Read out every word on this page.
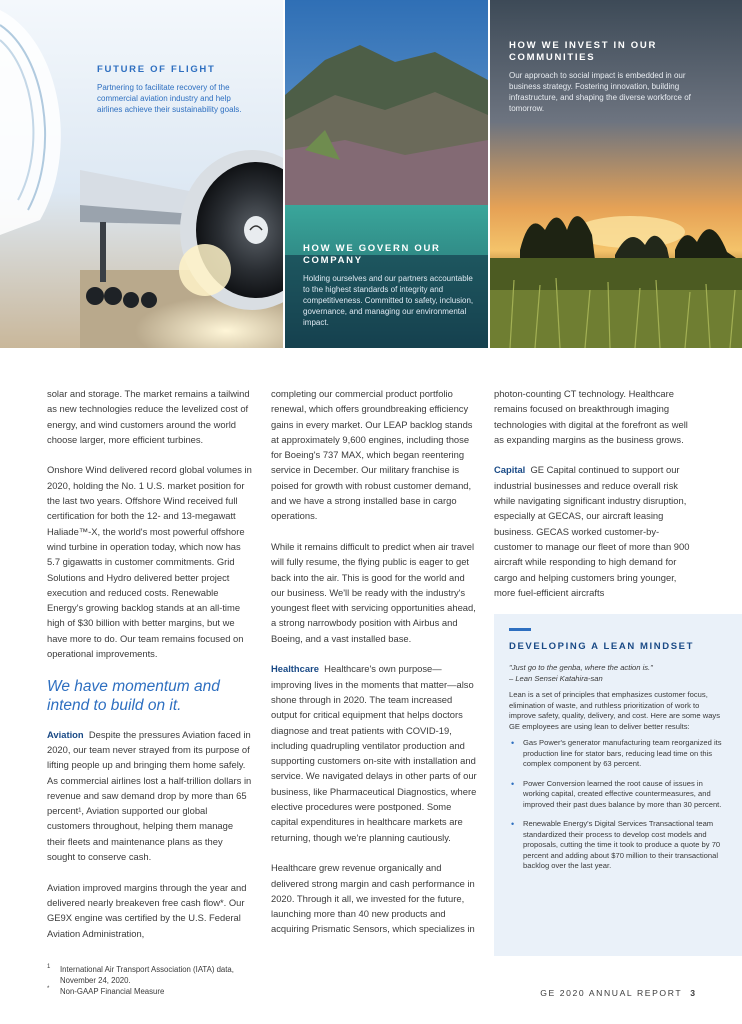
FUTURE OF FLIGHT
Partnering to facilitate recovery of the commercial aviation industry and help airlines achieve their sustainability goals.
HOW WE GOVERN OUR COMPANY
Holding ourselves and our partners accountable to the highest standards of integrity and competitiveness. Committed to safety, inclusion, governance, and managing our environmental impact.
HOW WE INVEST IN OUR COMMUNITIES
Our approach to social impact is embedded in our business strategy. Fostering innovation, building infrastructure, and shaping the diverse workforce of tomorrow.

solar and storage. The market remains a tailwind as new technologies reduce the levelized cost of energy, and wind customers around the world choose larger, more efficient turbines.

Onshore Wind delivered record global volumes in 2020, holding the No. 1 U.S. market position for the last two years. Offshore Wind received full certification for both the 12- and 13-megawatt Haliade™-X, the world's most powerful offshore wind turbine in operation today, which now has 5.7 gigawatts in customer commitments. Grid Solutions and Hydro delivered better project execution and reduced costs. Renewable Energy's growing backlog stands at an all-time high of $30 billion with better margins, but we have more to do. Our team remains focused on operational improvements.

We have momentum and intend to build on it.

Aviation Despite the pressures Aviation faced in 2020, our team never strayed from its purpose of lifting people up and bringing them home safely. As commercial airlines lost a half-trillion dollars in revenue and saw demand drop by more than 65 percent¹, Aviation supported our global customers throughout, helping them manage their fleets and maintenance plans as they sought to conserve cash.

Aviation improved margins through the year and delivered nearly breakeven free cash flow*. Our GE9X engine was certified by the U.S. Federal Aviation Administration,

completing our commercial product portfolio renewal, which offers groundbreaking efficiency gains in every market. Our LEAP backlog stands at approximately 9,600 engines, including those for Boeing's 737 MAX, which began reentering service in December. Our military franchise is poised for growth with robust customer demand, and we have a strong installed base in cargo operations.

While it remains difficult to predict when air travel will fully resume, the flying public is eager to get back into the air. This is good for the world and our business. We'll be ready with the industry's youngest fleet with servicing opportunities ahead, a strong narrowbody position with Airbus and Boeing, and a vast installed base.

Healthcare Healthcare's own purpose—improving lives in the moments that matter—also shone through in 2020. The team increased output for critical equipment that helps doctors diagnose and treat patients with COVID-19, including quadrupling ventilator production and supporting customers on-site with installation and service. We navigated delays in other parts of our business, like Pharmaceutical Diagnostics, where elective procedures were postponed. Some capital expenditures in healthcare markets are returning, though we're planning cautiously.

Healthcare grew revenue organically and delivered strong margin and cash performance in 2020. Through it all, we invested for the future, launching more than 40 new products and acquiring Prismatic Sensors, which specializes in

photon-counting CT technology. Healthcare remains focused on breakthrough imaging technologies with digital at the forefront as well as expanding margins as the business grows.

Capital GE Capital continued to support our industrial businesses and reduce overall risk while navigating significant industry disruption, especially at GECAS, our aircraft leasing business. GECAS worked customer-by-customer to manage our fleet of more than 900 aircraft while responding to high demand for cargo and helping customers bring younger, more fuel-efficient aircrafts

DEVELOPING A LEAN MINDSET
"Just go to the genba, where the action is."
– Lean Sensei Katahira-san
Lean is a set of principles that emphasizes customer focus, elimination of waste, and ruthless prioritization of work to improve safety, quality, delivery, and cost. Here are some ways GE employees are using lean to deliver better results:
• Gas Power's generator manufacturing team reorganized its production line for stator bars, reducing lead time on this complex component by 63 percent.
• Power Conversion learned the root cause of issues in working capital, created effective countermeasures, and improved their past dues balance by more than 30 percent.
• Renewable Energy's Digital Services Transactional team standardized their process to develop cost models and proposals, cutting the time it took to produce a quote by 70 percent and adding about $70 million to their transactional backlog over the last year.
1 International Air Transport Association (IATA) data, November 24, 2020.
* Non-GAAP Financial Measure	GE 2020 ANNUAL REPORT 3
